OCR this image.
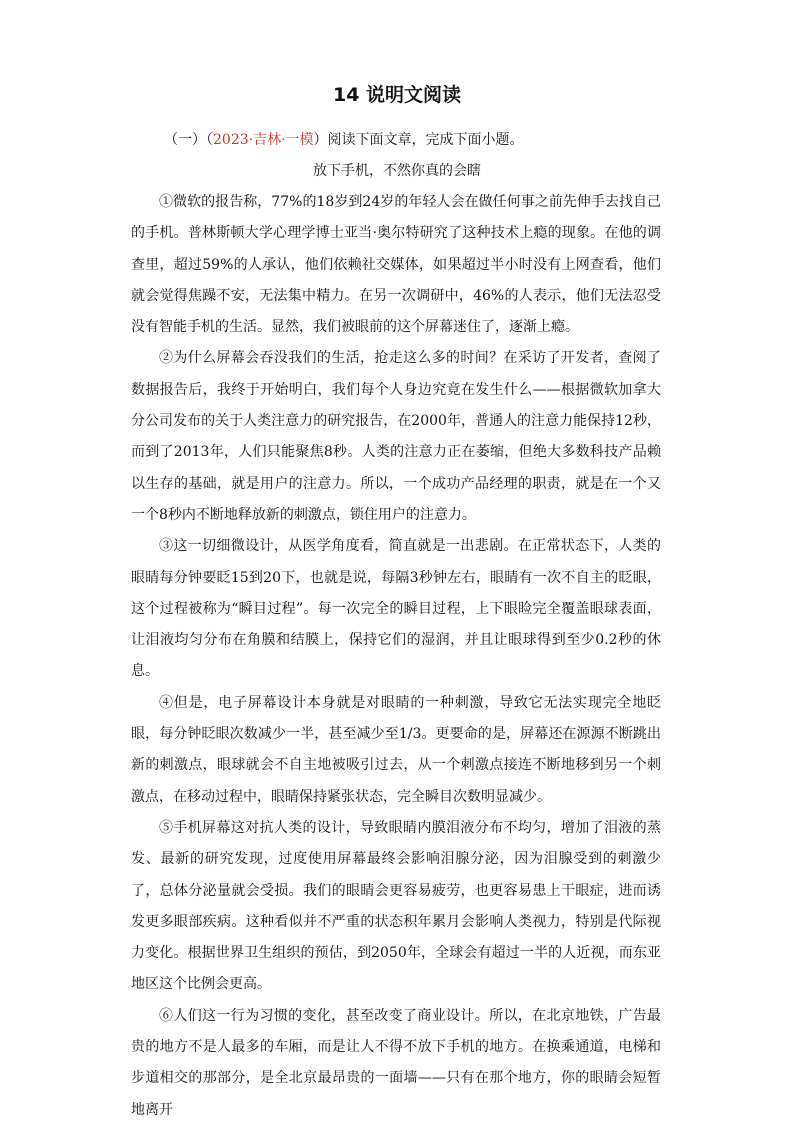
14 说明文阅读
（一）（2023·吉林·一模）阅读下面文章，完成下面小题。
放下手机，不然你真的会瞎

①微软的报告称，77%的18岁到24岁的年轻人会在做任何事之前先伸手去找自己的手机。普林斯顿大学心理学博士亚当·奥尔特研究了这种技术上瘾的现象。在他的调查里，超过59%的人承认，他们依赖社交媒体，如果超过半小时没有上网查看，他们就会觉得焦躁不安，无法集中精力。在另一次调研中，46%的人表示，他们无法忍受没有智能手机的生活。显然，我们被眼前的这个屏幕迷住了，逐渐上瘾。

②为什么屏幕会吞没我们的生活，抢走这么多的时间？在采访了开发者，查阅了数据报告后，我终于开始明白，我们每个人身边究竟在发生什么——根据微软加拿大分公司发布的关于人类注意力的研究报告，在2000年，普通人的注意力能保持12秒，而到了2013年，人们只能聚焦8秒。人类的注意力正在萎缩，但绝大多数科技产品赖以生存的基础，就是用户的注意力。所以，一个成功产品经理的职责，就是在一个又一个8秒内不断地释放新的刺激点，锁住用户的注意力。

③这一切细微设计，从医学角度看，简直就是一出悲剧。在正常状态下，人类的眼睛每分钟要眨15到20下，也就是说，每隔3秒钟左右，眼睛有一次不自主的眨眼，这个过程被称为“瞬目过程”。每一次完全的瞬目过程，上下眼睑完全覆盖眼球表面，让泪液均匀分布在角膜和结膜上，保持它们的湿润，并且让眼球得到至少0.2秒的休息。

④但是，电子屏幕设计本身就是对眼睛的一种刺激，导致它无法实现完全地眨眼，每分钟眨眼次数减少一半，甚至减少至1/3。更要命的是，屏幕还在源源不断跳出新的刺激点，眼球就会不自主地被吸引过去，从一个刺激点接连不断地移到另一个刺激点，在移动过程中，眼睛保持紧张状态，完全瞬目次数明显减少。

⑤手机屏幕这对抗人类的设计，导致眼睛内膜泪液分布不均匀，增加了泪液的蒸发、最新的研究发现，过度使用屏幕最终会影响泪腺分泌，因为泪腺受到的刺激少了，总体分泌量就会受损。我们的眼睛会更容易疲劳，也更容易患上干眼症，进而诱发更多眼部疾病。这种看似并不严重的状态积年累月会影响人类视力，特别是代际视力变化。根据世界卫生组织的预估，到2050年，全球会有超过一半的人近视，而东亚地区这个比例会更高。

⑥人们这一行为习惯的变化，甚至改变了商业设计。所以，在北京地铁，广告最贵的地方不是人最多的车厢，而是让人不得不放下手机的地方。在换乘通道，电梯和步道相交的那部分，是全北京最昂贵的一面墙——只有在那个地方，你的眼睛会短暂地离开
